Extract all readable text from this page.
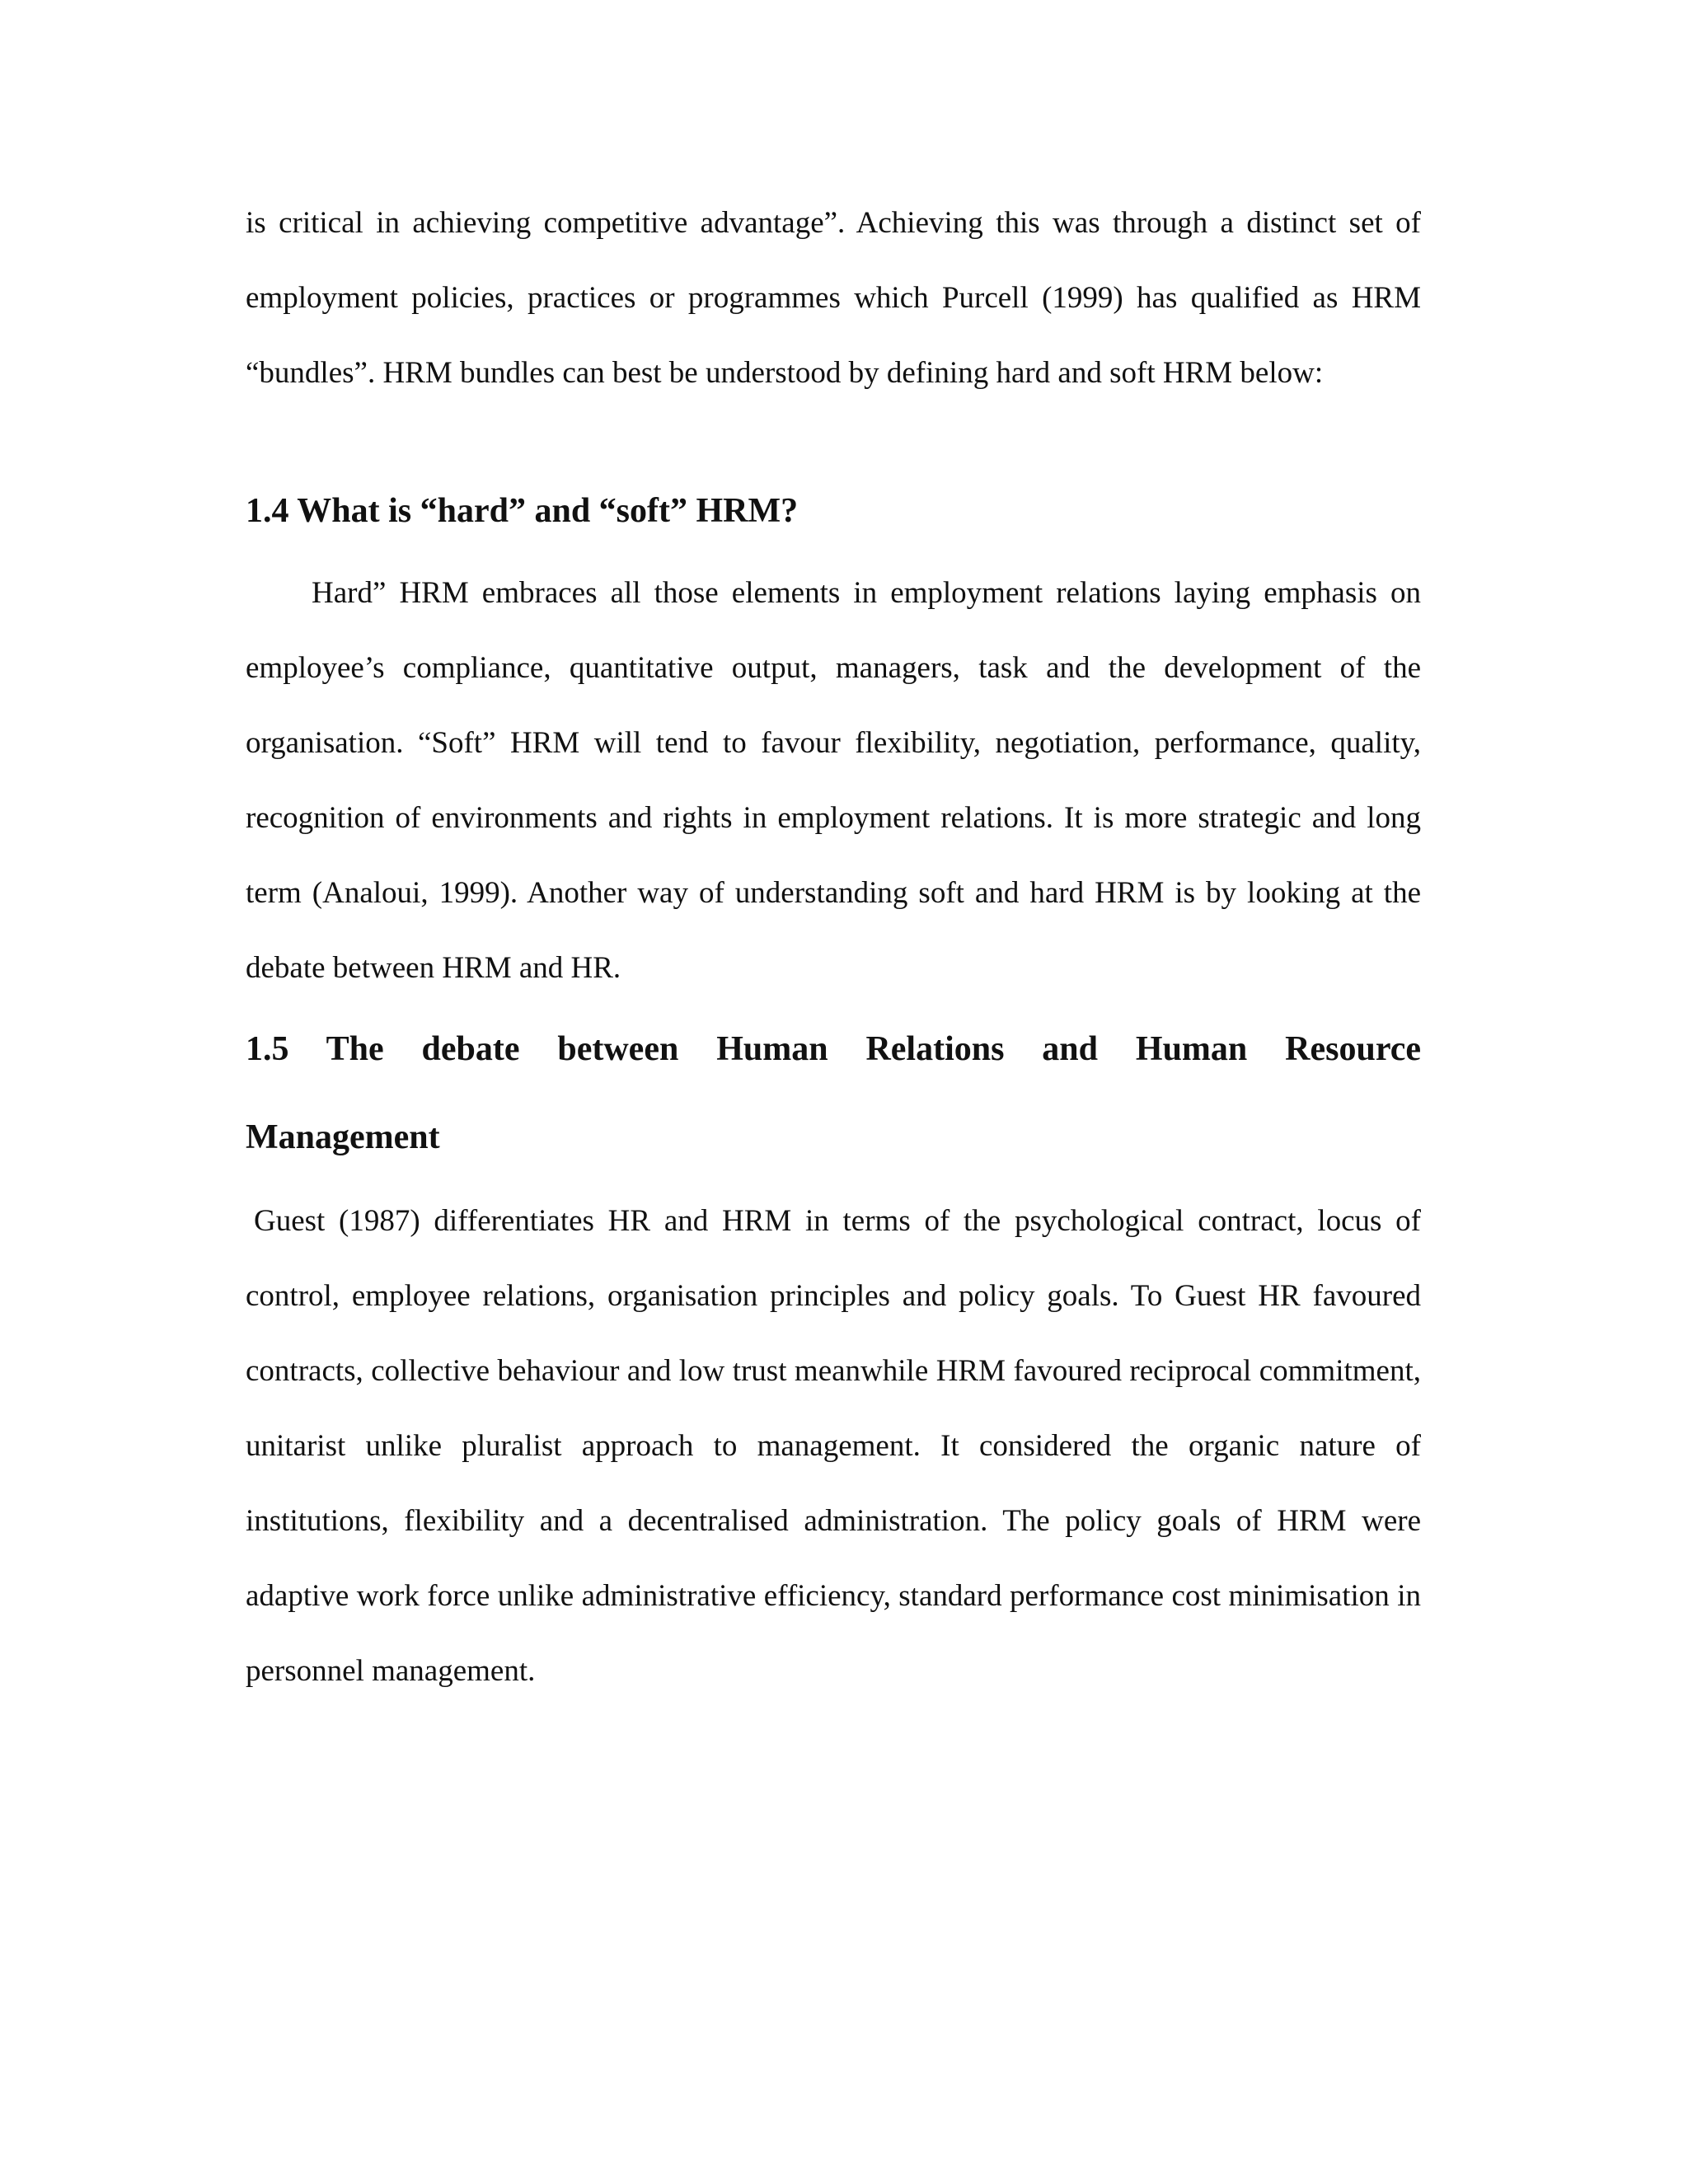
is critical in achieving competitive advantage”. Achieving this was through a distinct set of employment policies, practices or programmes which Purcell (1999) has qualified as HRM “bundles”. HRM bundles can best be understood by defining hard and soft HRM below:

1.4 What is “hard” and “soft” HRM?

Hard” HRM embraces all those elements in employment relations laying emphasis on employee’s compliance, quantitative output, managers, task and the development of the organisation. “Soft” HRM will tend to favour flexibility, negotiation, performance, quality, recognition of environments and rights in employment relations. It is more strategic and long term (Analoui, 1999). Another way of understanding soft and hard HRM is by looking at the debate between HRM and HR.

1.5 The debate between Human Relations and Human Resource
Management

Guest (1987) differentiates HR and HRM in terms of the psychological contract, locus of control, employee relations, organisation principles and policy goals. To Guest HR favoured contracts, collective behaviour and low trust meanwhile HRM favoured reciprocal commitment, unitarist unlike pluralist approach to management. It considered the organic nature of institutions, flexibility and a decentralised administration. The policy goals of HRM were adaptive work force unlike administrative efficiency, standard performance cost minimisation in personnel management.
